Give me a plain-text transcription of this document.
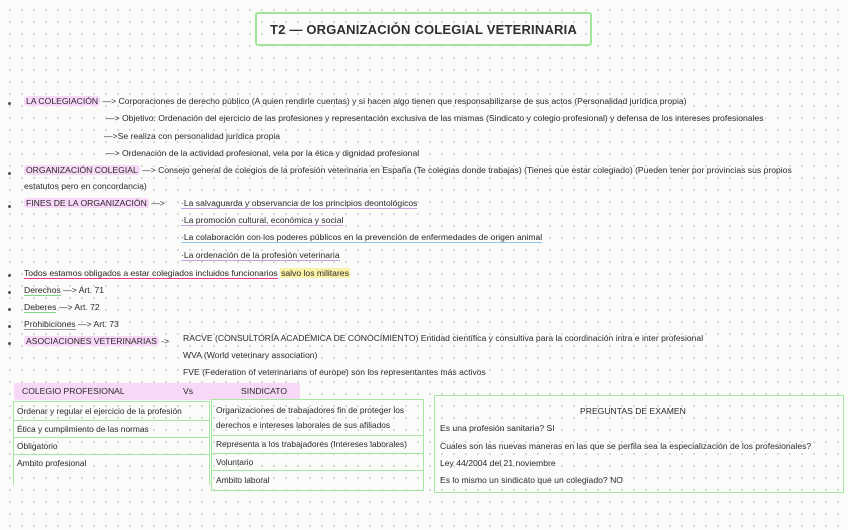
T2 — ORGANIZACIÓN COLEGIAL VETERINARIA
LA COLEGIACIÓN —> Corporaciones de derecho público (A quien rendirle cuentas) y si hacen algo tienen que responsabilizarse de sus actos (Personalidad jurídica propia)
—> Objetivo: Ordenación del ejercicio de las profesiones y representación exclusiva de las mismas (Sindicato y colegio profesional) y defensa de los intereses profesionales
—>Se realiza con personalidad jurídica propia
—> Ordenación de la actividad profesional, vela por la ética y dignidad profesional
ORGANIZACIÓN COLEGIAL —> Consejo general de colegios de la profesión veterinaria en España (Te colegias donde trabajas) (Tienes que estar colegiado) (Pueden tener por provincias sus propios
estatutos pero en concordancia)
FINES DE LA ORGANIZACIÓN —> ·La salvaguarda y observancia de los principios deontológicos
·La promoción cultural, económica y social
·La colaboración con los poderes públicos en la prevención de enfermedades de origen animal
·La ordenación de la profesión veterinaria
Todos estamos obligados a estar colegiados incluidos funcionarios salvo los militares
Derechos —> Art. 71
Deberes —> Art. 72
Prohibiciones —> Art. 73
ASOCIACIONES VETERINARIAS -> RACVE (CONSULTORÍA ACADÉMICA DE CONOCIMIENTO) Entidad científica y consultiva para la coordinación intra e inter profesional
WVA (World veterinary association)
FVE (Federation of veterinarians of europe) son los representantes más activos
COLEGIO PROFESIONAL	Vs	SINDICATO
Ordenar y regular el ejercicio de la profesión
Ética y cumplimiento de las normas
Obligatorio
Ambito profesional
Organizaciones de trabajadores fin de proteger los
derechos e intereses laborales de sus afiliados
Representa a los trabajadores (Intereses laborales)
Voluntario
Ambito laboral
PREGUNTAS DE EXAMEN
Es una profesión sanitaria? SI
Cuales son las nuevas maneras en las que se perfila sea la especialización de los profesionales?
Ley 44/2004 del 21 noviembre
Es lo mismo un sindicato que un colegiado? NO
